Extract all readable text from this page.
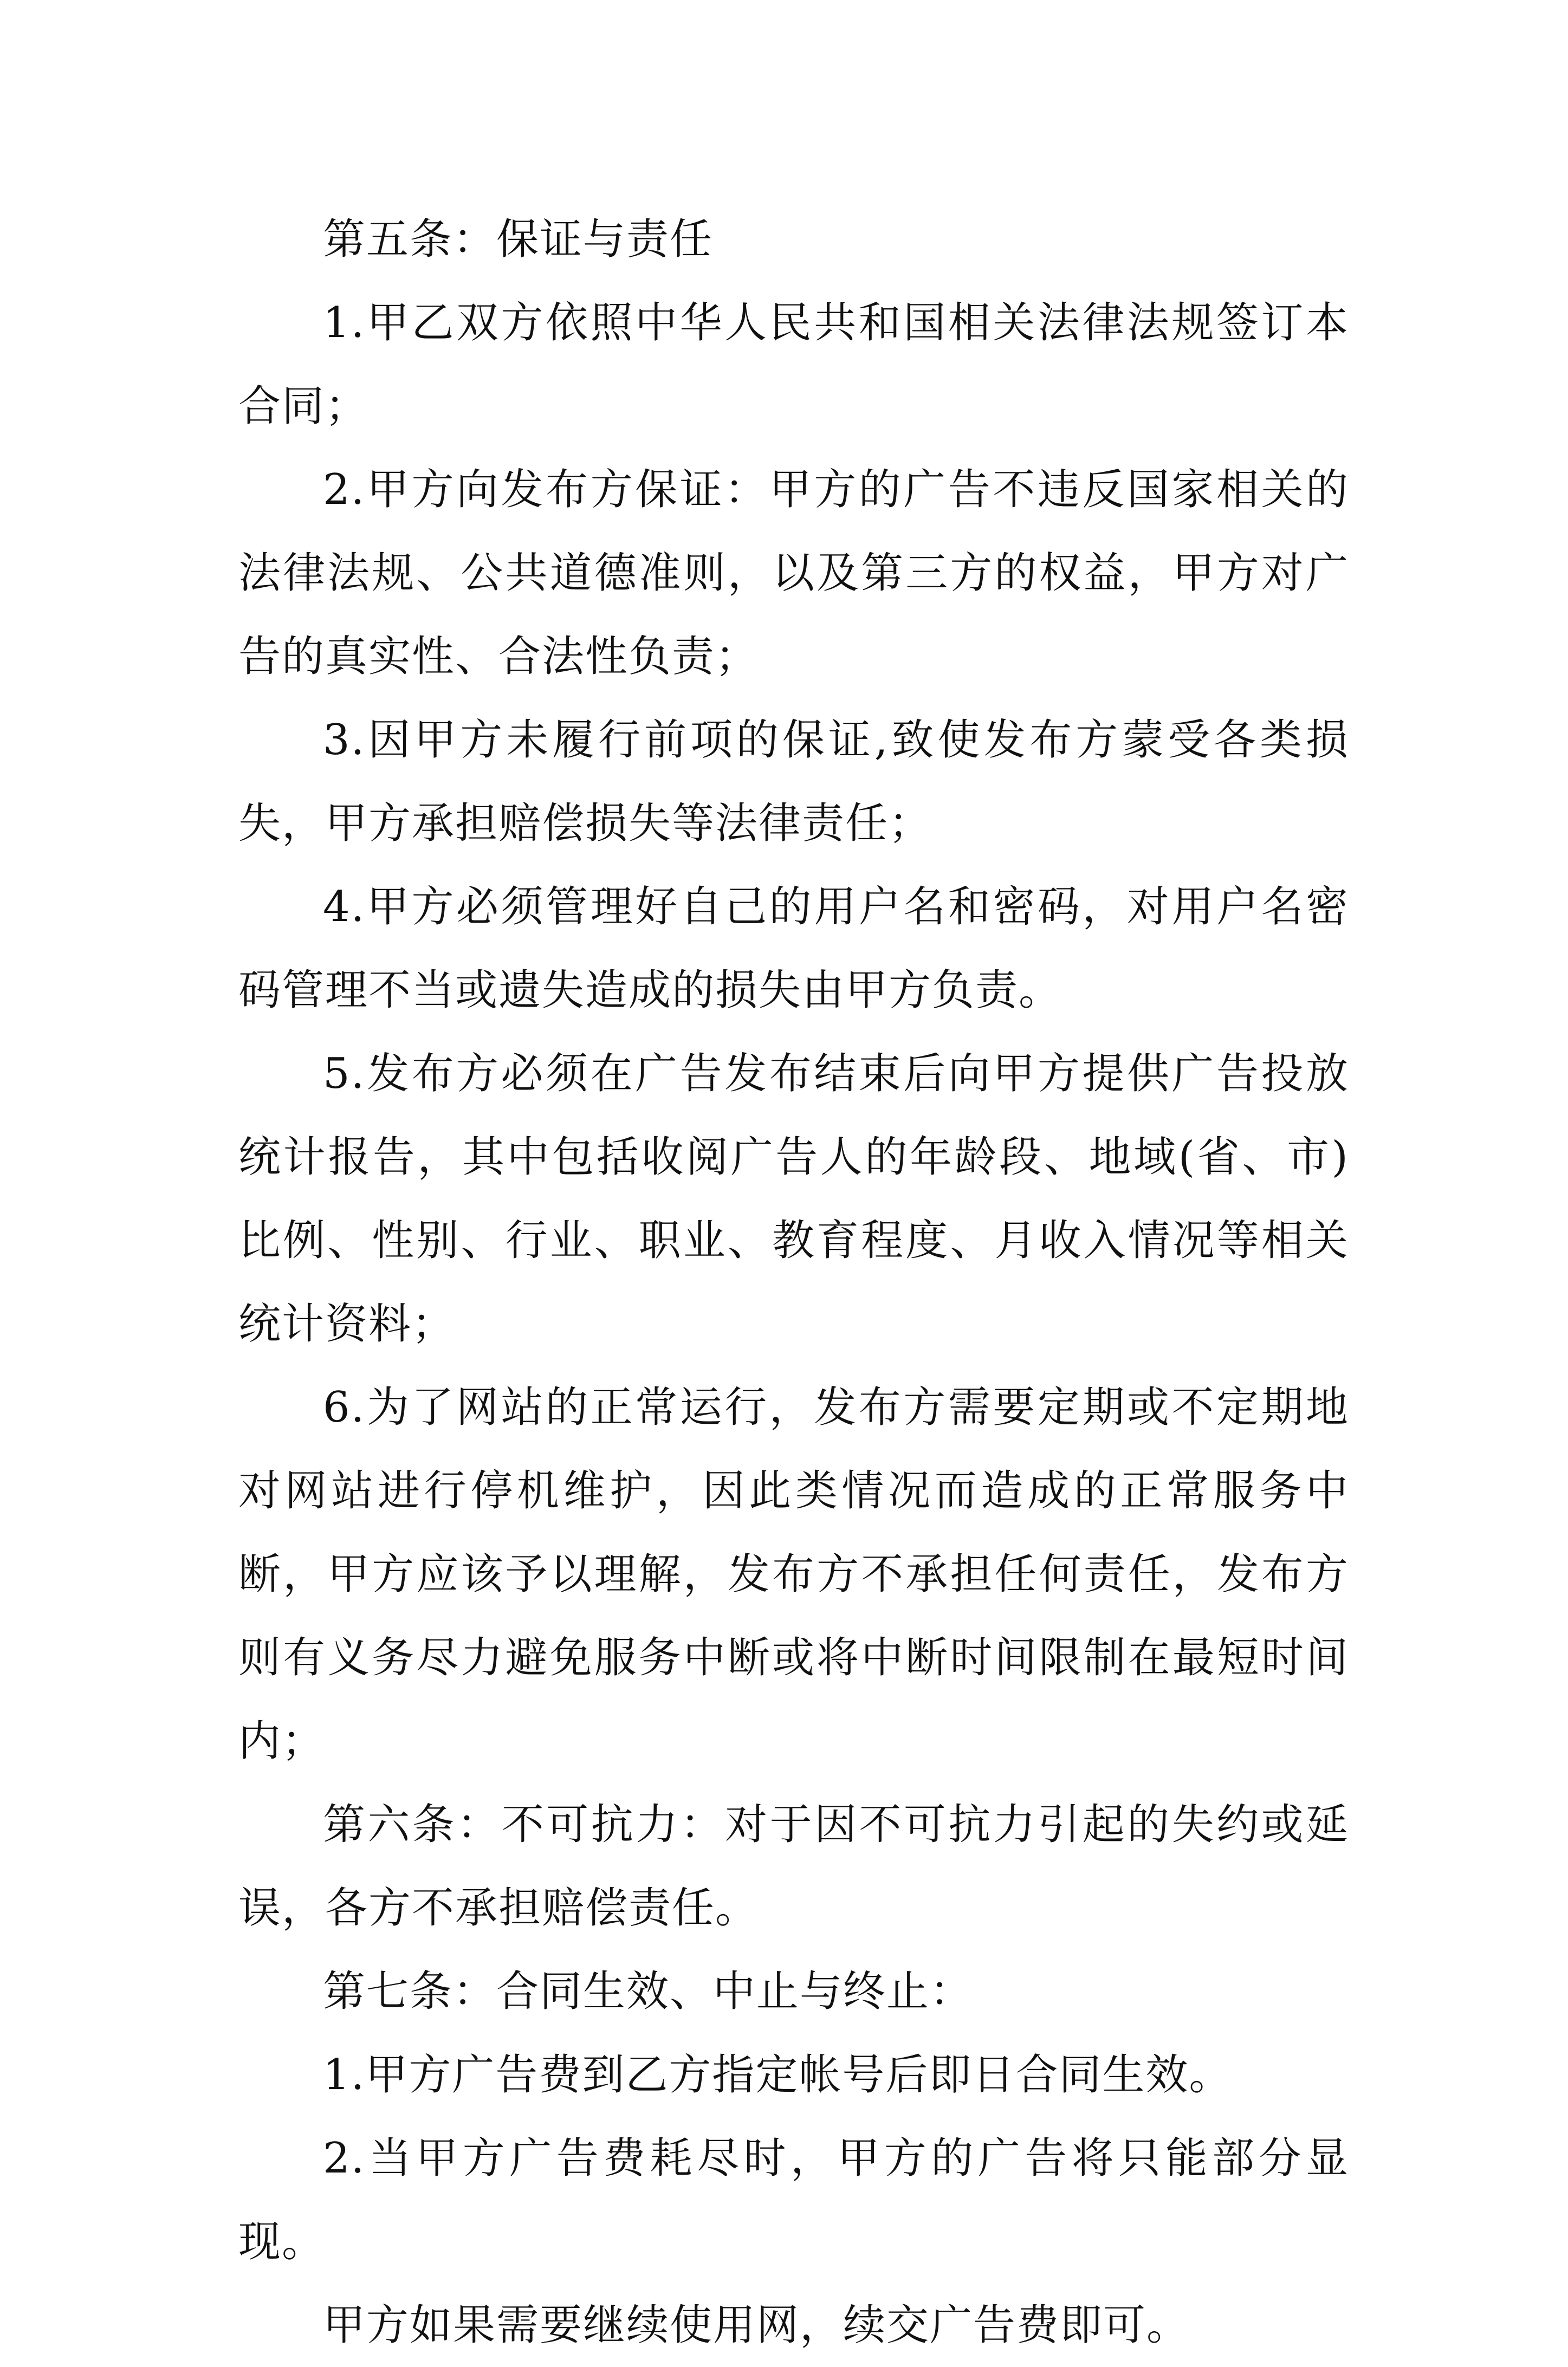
第五条：保证与责任

1.甲乙双方依照中华人民共和国相关法律法规签订本合同；

2.甲方向发布方保证：甲方的广告不违反国家相关的法律法规、公共道德准则，以及第三方的权益，甲方对广告的真实性、合法性负责；

3.因甲方未履行前项的保证,致使发布方蒙受各类损失，甲方承担赔偿损失等法律责任；

4.甲方必须管理好自己的用户名和密码，对用户名密码管理不当或遗失造成的损失由甲方负责。

5.发布方必须在广告发布结束后向甲方提供广告投放统计报告，其中包括收阅广告人的年龄段、地域(省、市)比例、性别、行业、职业、教育程度、月收入情况等相关统计资料；

6.为了网站的正常运行，发布方需要定期或不定期地对网站进行停机维护，因此类情况而造成的正常服务中断，甲方应该予以理解，发布方不承担任何责任，发布方则有义务尽力避免服务中断或将中断时间限制在最短时间内；

第六条：不可抗力：对于因不可抗力引起的失约或延误，各方不承担赔偿责任。

第七条：合同生效、中止与终止：

1.甲方广告费到乙方指定帐号后即日合同生效。

2.当甲方广告费耗尽时，甲方的广告将只能部分显现。

甲方如果需要继续使用网，续交广告费即可。
